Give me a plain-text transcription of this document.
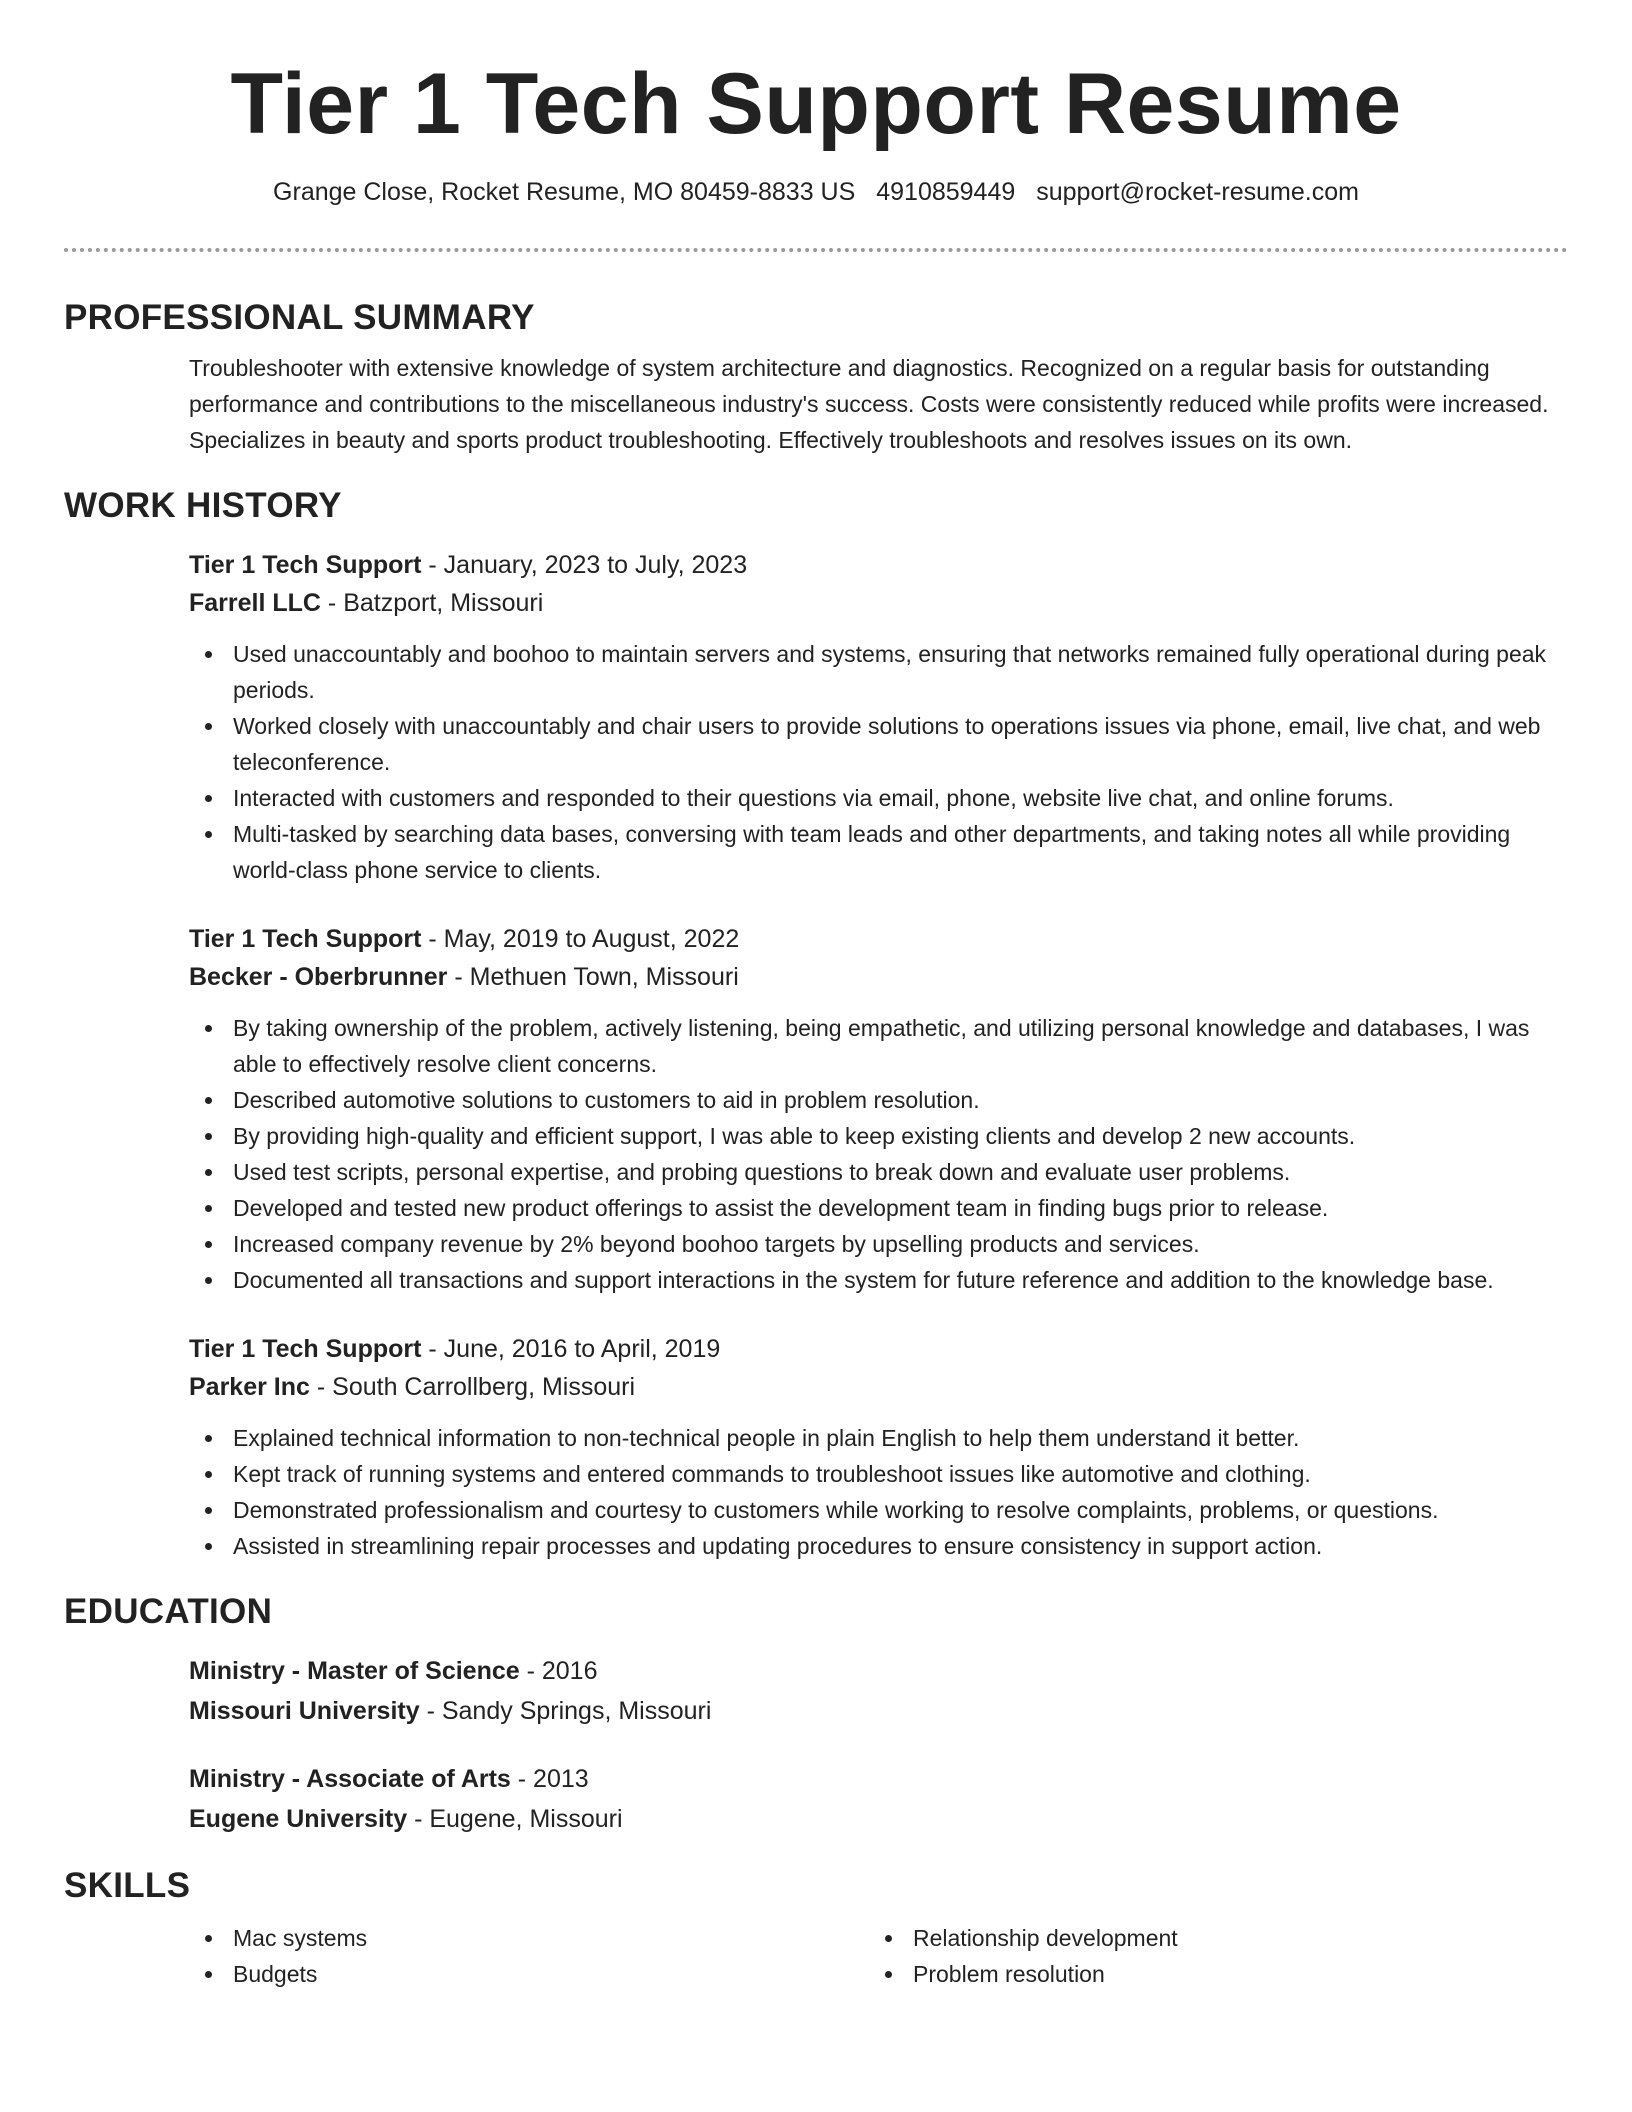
Tier 1 Tech Support Resume
Grange Close, Rocket Resume, MO 80459-8833 US 4910859449 support@rocket-resume.com
PROFESSIONAL SUMMARY

Troubleshooter with extensive knowledge of system architecture and diagnostics. Recognized on a regular basis for outstanding performance and contributions to the miscellaneous industry's success. Costs were consistently reduced while profits were increased. Specializes in beauty and sports product troubleshooting. Effectively troubleshoots and resolves issues on its own.

WORK HISTORY
Tier 1 Tech Support - January, 2023 to July, 2023
Farrell LLC - Batzport, Missouri
Used unaccountably and boohoo to maintain servers and systems, ensuring that networks remained fully operational during peak periods.
Worked closely with unaccountably and chair users to provide solutions to operations issues via phone, email, live chat, and web teleconference.
Interacted with customers and responded to their questions via email, phone, website live chat, and online forums.
Multi-tasked by searching data bases, conversing with team leads and other departments, and taking notes all while providing world-class phone service to clients.
Tier 1 Tech Support - May, 2019 to August, 2022
Becker - Oberbrunner - Methuen Town, Missouri
By taking ownership of the problem, actively listening, being empathetic, and utilizing personal knowledge and databases, I was able to effectively resolve client concerns.
Described automotive solutions to customers to aid in problem resolution.
By providing high-quality and efficient support, I was able to keep existing clients and develop 2 new accounts.
Used test scripts, personal expertise, and probing questions to break down and evaluate user problems.
Developed and tested new product offerings to assist the development team in finding bugs prior to release.
Increased company revenue by 2% beyond boohoo targets by upselling products and services.
Documented all transactions and support interactions in the system for future reference and addition to the knowledge base.
Tier 1 Tech Support - June, 2016 to April, 2019
Parker Inc - South Carrollberg, Missouri
Explained technical information to non-technical people in plain English to help them understand it better.
Kept track of running systems and entered commands to troubleshoot issues like automotive and clothing.
Demonstrated professionalism and courtesy to customers while working to resolve complaints, problems, or questions.
Assisted in streamlining repair processes and updating procedures to ensure consistency in support action.
EDUCATION
Ministry - Master of Science - 2016
Missouri University - Sandy Springs, Missouri
Ministry - Associate of Arts - 2013
Eugene University - Eugene, Missouri
SKILLS
Mac systems
Budgets
Relationship development
Problem resolution
